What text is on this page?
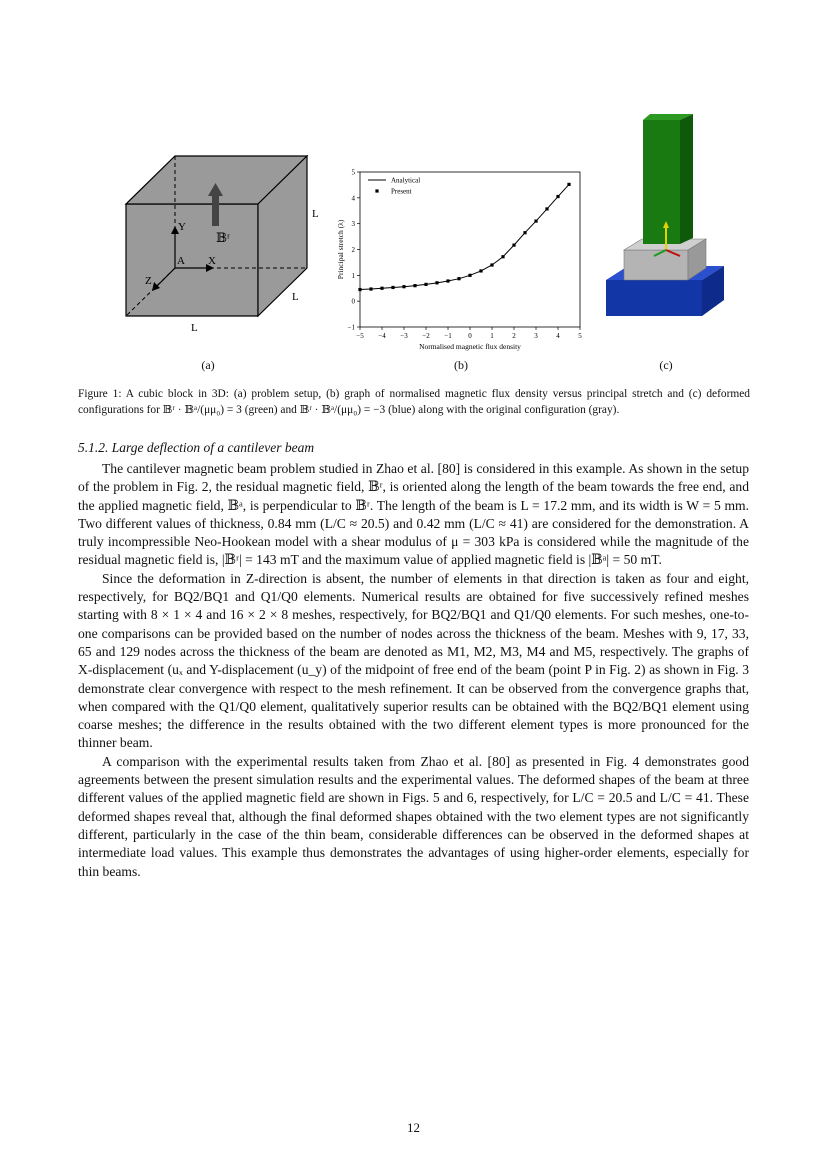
𝔹ʳ
Y
X
Z
A
L
L
L
−5 −4 −3 −2 −1 0	1	2	3	4	5
−1
0
1
2
3
4
5
Normalised magnetic flux density
Principal stretch (λ)
Analytical
Present
(a)	(b)	(c)
Figure 1: A cubic block in 3D: (a) problem setup, (b) graph of normalised magnetic flux density versus principal stretch and (c) deformed configurations for 𝔹ʳ · 𝔹ᵃ/(μμ₀) = 3 (green) and 𝔹ʳ · 𝔹ᵃ/(μμ₀) = −3 (blue) along with the original configuration (gray).
5.1.2. Large deflection of a cantilever beam

The cantilever magnetic beam problem studied in Zhao et al. [80] is considered in this example. As shown in the setup of the problem in Fig. 2, the residual magnetic field, 𝔹ʳ, is oriented along the length of the beam towards the free end, and the applied magnetic field, 𝔹ᵃ, is perpendicular to 𝔹ʳ. The length of the beam is L = 17.2 mm, and its width is W = 5 mm. Two different values of thickness, 0.84 mm (L/C ≈ 20.5) and 0.42 mm (L/C ≈ 41) are considered for the demonstration. A truly incompressible Neo-Hookean model with a shear modulus of μ = 303 kPa is considered while the magnitude of the residual magnetic field is, |𝔹ʳ| = 143 mT and the maximum value of applied magnetic field is |𝔹ᵃ| = 50 mT.

Since the deformation in Z-direction is absent, the number of elements in that direction is taken as four and eight, respectively, for BQ2/BQ1 and Q1/Q0 elements. Numerical results are obtained for five successively refined meshes starting with 8 × 1 × 4 and 16 × 2 × 8 meshes, respectively, for BQ2/BQ1 and Q1/Q0 elements. For such meshes, one-to-one comparisons can be provided based on the number of nodes across the thickness of the beam. Meshes with 9, 17, 33, 65 and 129 nodes across the thickness of the beam are denoted as M1, M2, M3, M4 and M5, respectively. The graphs of X-displacement (uₓ and Y-displacement (u_y) of the midpoint of free end of the beam (point P in Fig. 2) as shown in Fig. 3 demonstrate clear convergence with respect to the mesh refinement. It can be observed from the convergence graphs that, when compared with the Q1/Q0 element, qualitatively superior results can be obtained with the BQ2/BQ1 element using coarse meshes; the difference in the results obtained with the two different element types is more pronounced for the thinner beam.

A comparison with the experimental results taken from Zhao et al. [80] as presented in Fig. 4 demonstrates good agreements between the present simulation results and the experimental values. The deformed shapes of the beam at three different values of the applied magnetic field are shown in Figs. 5 and 6, respectively, for L/C = 20.5 and L/C = 41. These deformed shapes reveal that, although the final deformed shapes obtained with the two element types are not significantly different, particularly in the case of the thin beam, considerable differences can be observed in the deformed shapes at intermediate load values. This example thus demonstrates the advantages of using higher-order elements, especially for thin beams.

12
